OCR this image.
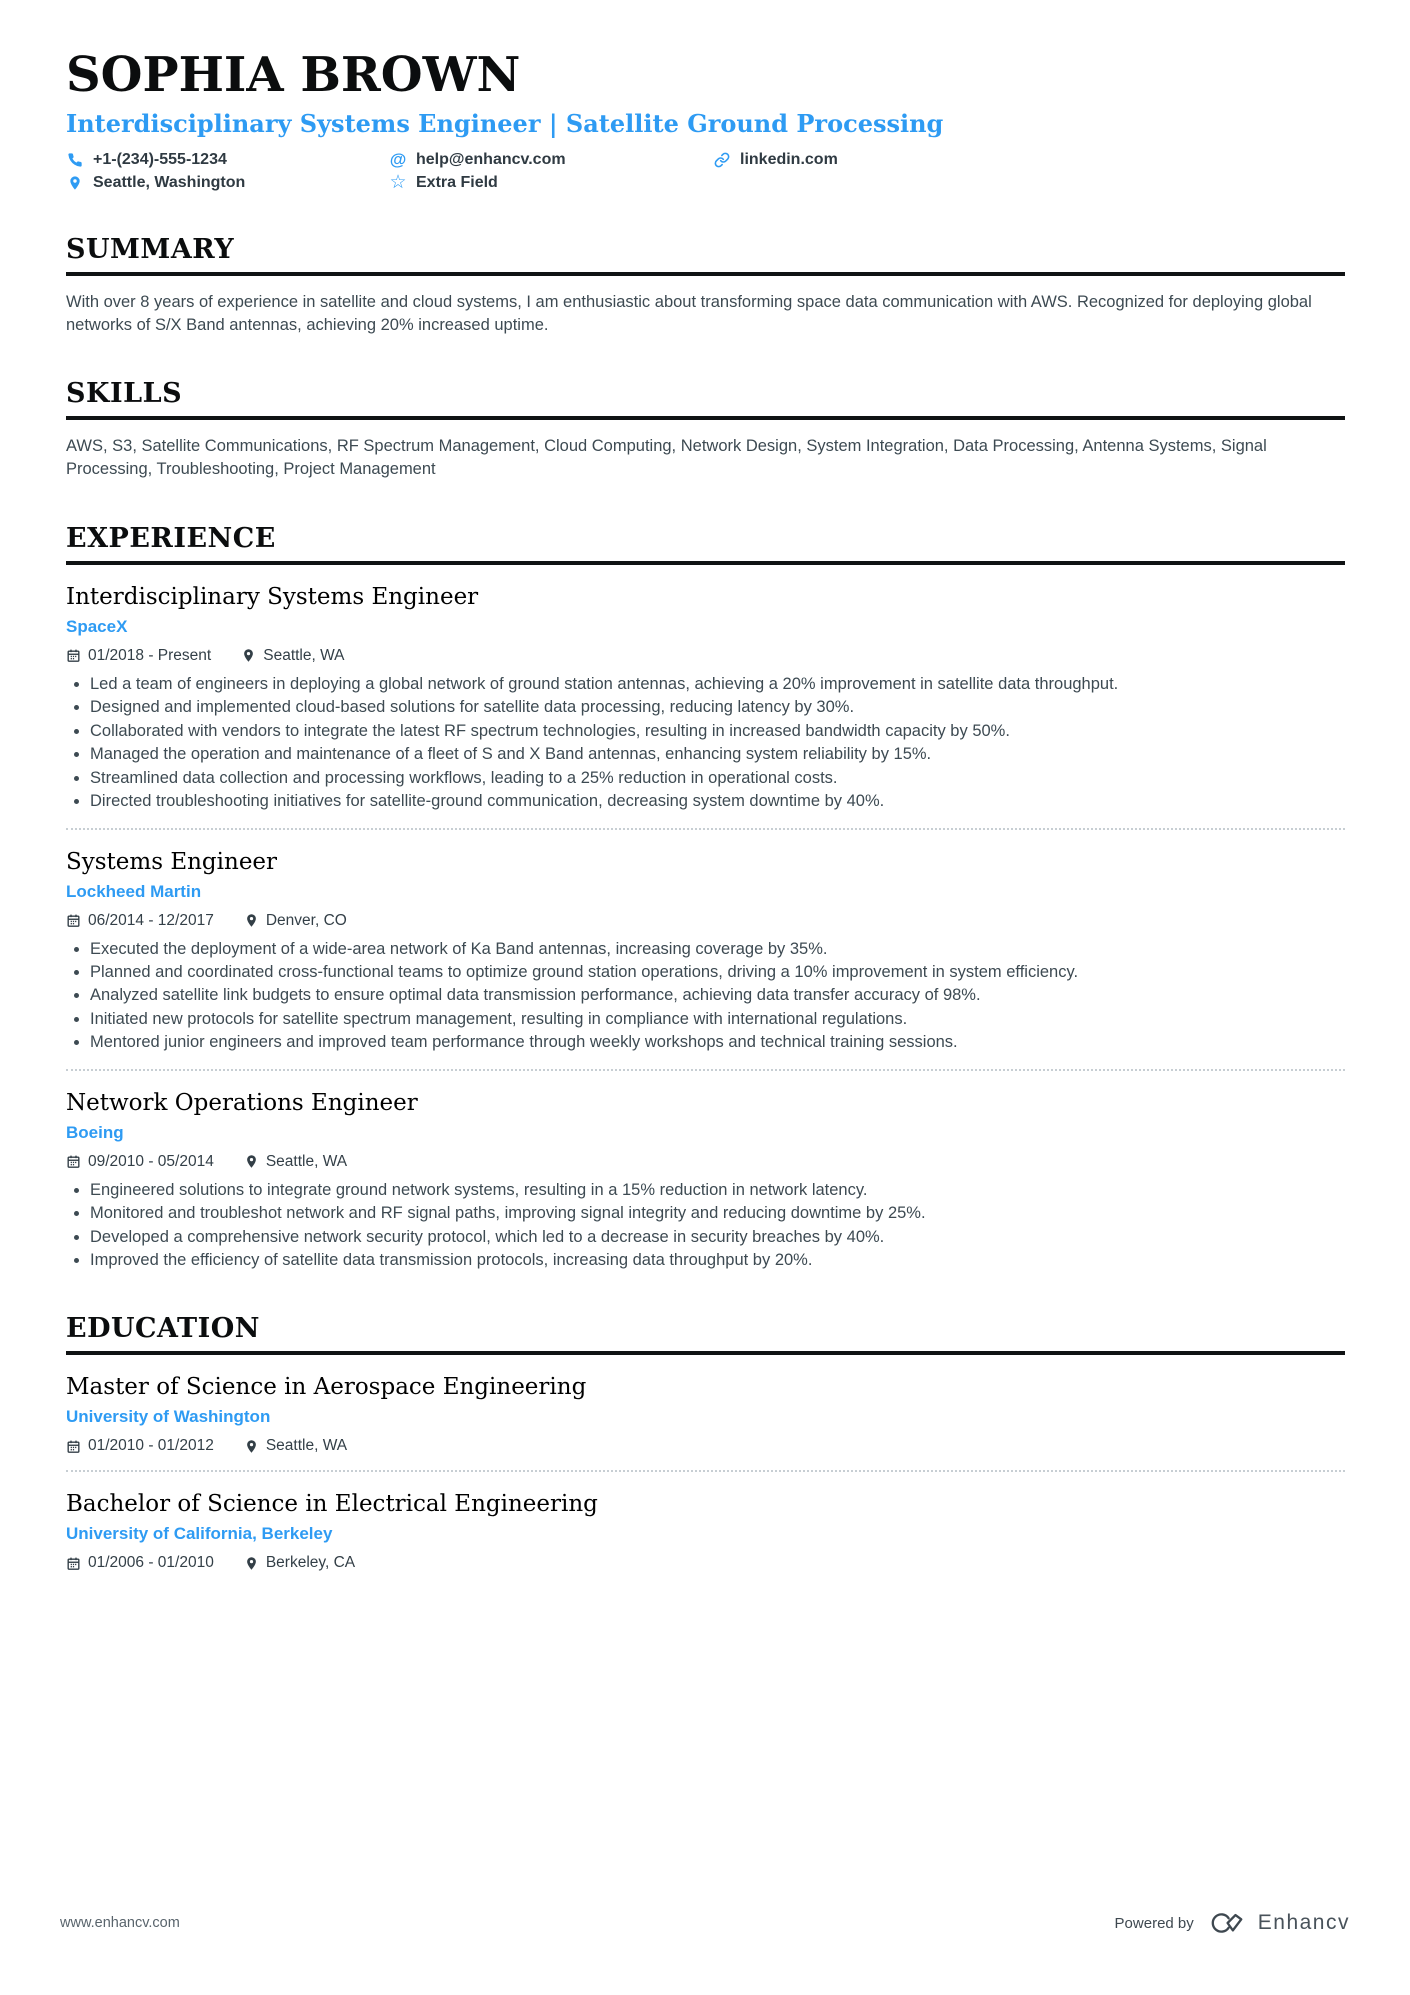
SOPHIA BROWN
Interdisciplinary Systems Engineer | Satellite Ground Processing
+1-(234)-555-1234	@ help@enhancv.com	linkedin.com
Seattle, Washington	☆ Extra Field
SUMMARY

With over 8 years of experience in satellite and cloud systems, I am enthusiastic about transforming space data communication with AWS. Recognized for deploying global networks of S/X Band antennas, achieving 20% increased uptime.

SKILLS

AWS, S3, Satellite Communications, RF Spectrum Management, Cloud Computing, Network Design, System Integration, Data Processing, Antenna Systems, Signal Processing, Troubleshooting, Project Management

EXPERIENCE
Interdisciplinary Systems Engineer
SpaceX
01/2018 - Present	Seattle, WA
Led a team of engineers in deploying a global network of ground station antennas, achieving a 20% improvement in satellite data throughput.
Designed and implemented cloud-based solutions for satellite data processing, reducing latency by 30%.
Collaborated with vendors to integrate the latest RF spectrum technologies, resulting in increased bandwidth capacity by 50%.
Managed the operation and maintenance of a fleet of S and X Band antennas, enhancing system reliability by 15%.
Streamlined data collection and processing workflows, leading to a 25% reduction in operational costs.
Directed troubleshooting initiatives for satellite-ground communication, decreasing system downtime by 40%.
Systems Engineer
Lockheed Martin
06/2014 - 12/2017	Denver, CO
Executed the deployment of a wide-area network of Ka Band antennas, increasing coverage by 35%.
Planned and coordinated cross-functional teams to optimize ground station operations, driving a 10% improvement in system efficiency.
Analyzed satellite link budgets to ensure optimal data transmission performance, achieving data transfer accuracy of 98%.
Initiated new protocols for satellite spectrum management, resulting in compliance with international regulations.
Mentored junior engineers and improved team performance through weekly workshops and technical training sessions.
Network Operations Engineer
Boeing
09/2010 - 05/2014	Seattle, WA
Engineered solutions to integrate ground network systems, resulting in a 15% reduction in network latency.
Monitored and troubleshot network and RF signal paths, improving signal integrity and reducing downtime by 25%.
Developed a comprehensive network security protocol, which led to a decrease in security breaches by 40%.
Improved the efficiency of satellite data transmission protocols, increasing data throughput by 20%.
EDUCATION
Master of Science in Aerospace Engineering
University of Washington
01/2010 - 01/2012	Seattle, WA
Bachelor of Science in Electrical Engineering
University of California, Berkeley
01/2006 - 01/2010	Berkeley, CA
www.enhancv.com	Powered by	Enhancv
